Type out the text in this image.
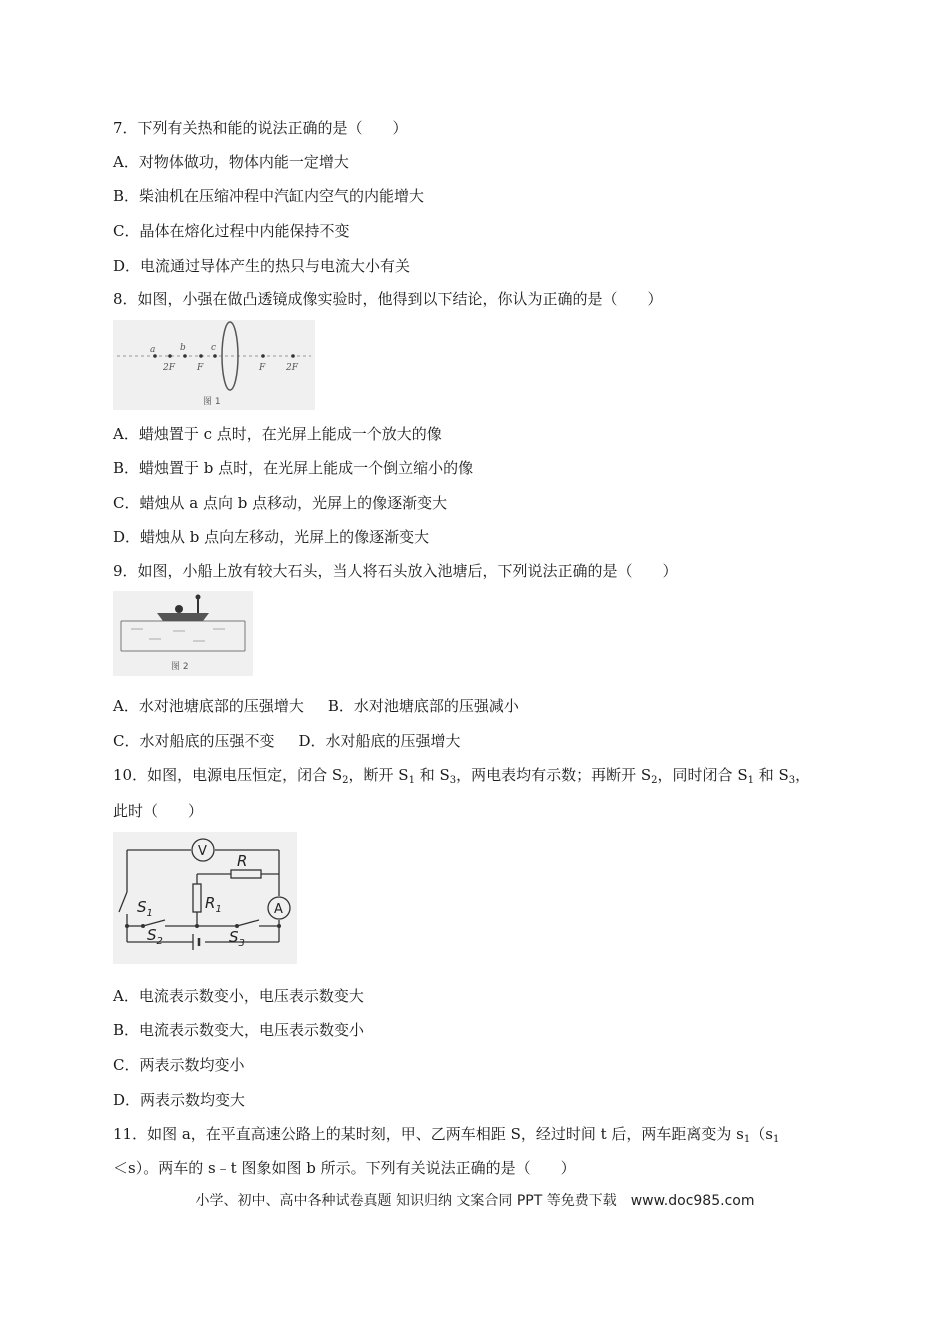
7．下列有关热和能的说法正确的是（　　）
A．对物体做功，物体内能一定增大
B．柴油机在压缩冲程中汽缸内空气的内能增大
C．晶体在熔化过程中内能保持不变
D．电流通过导体产生的热只与电流大小有关
8．如图，小强在做凸透镜成像实验时，他得到以下结论，你认为正确的是（　　）
a	b	c
2F F	F 2F
图 1
A．蜡烛置于 c 点时，在光屏上能成一个放大的像
B．蜡烛置于 b 点时，在光屏上能成一个倒立缩小的像
C．蜡烛从 a 点向 b 点移动，光屏上的像逐渐变大
D．蜡烛从 b 点向左移动，光屏上的像逐渐变大
9．如图，小船上放有较大石头，当人将石头放入池塘后，下列说法正确的是（　　）
图 2
A．水对池塘底部的压强增大 B．水对池塘底部的压强减小
C．水对船底的压强不变 D．水对船底的压强增大
10．如图，电源电压恒定，闭合 $S_2$，断开 $S_1$ 和 $S_3$，两电表均有示数；再断开 $S_2$，同时闭合 $S_1$ 和 $S_3$，
此时（　　）
V
A
R
$R_1$
$S_1$
$S_2$	$S_3$
A．电流表示数变小，电压表示数变大
B．电流表示数变大，电压表示数变小
C．两表示数均变小
D．两表示数均变大
11．如图 a，在平直高速公路上的某时刻，甲、乙两车相距 S，经过时间 t 后，两车距离变为 $s_1(s_1$
＜s）。两车的 s﹣t 图象如图 b 所示。下列有关说法正确的是（　　）
小学、初中、高中各种试卷真题 知识归纳 文案合同 PPT 等免费下载　www.doc985.com
